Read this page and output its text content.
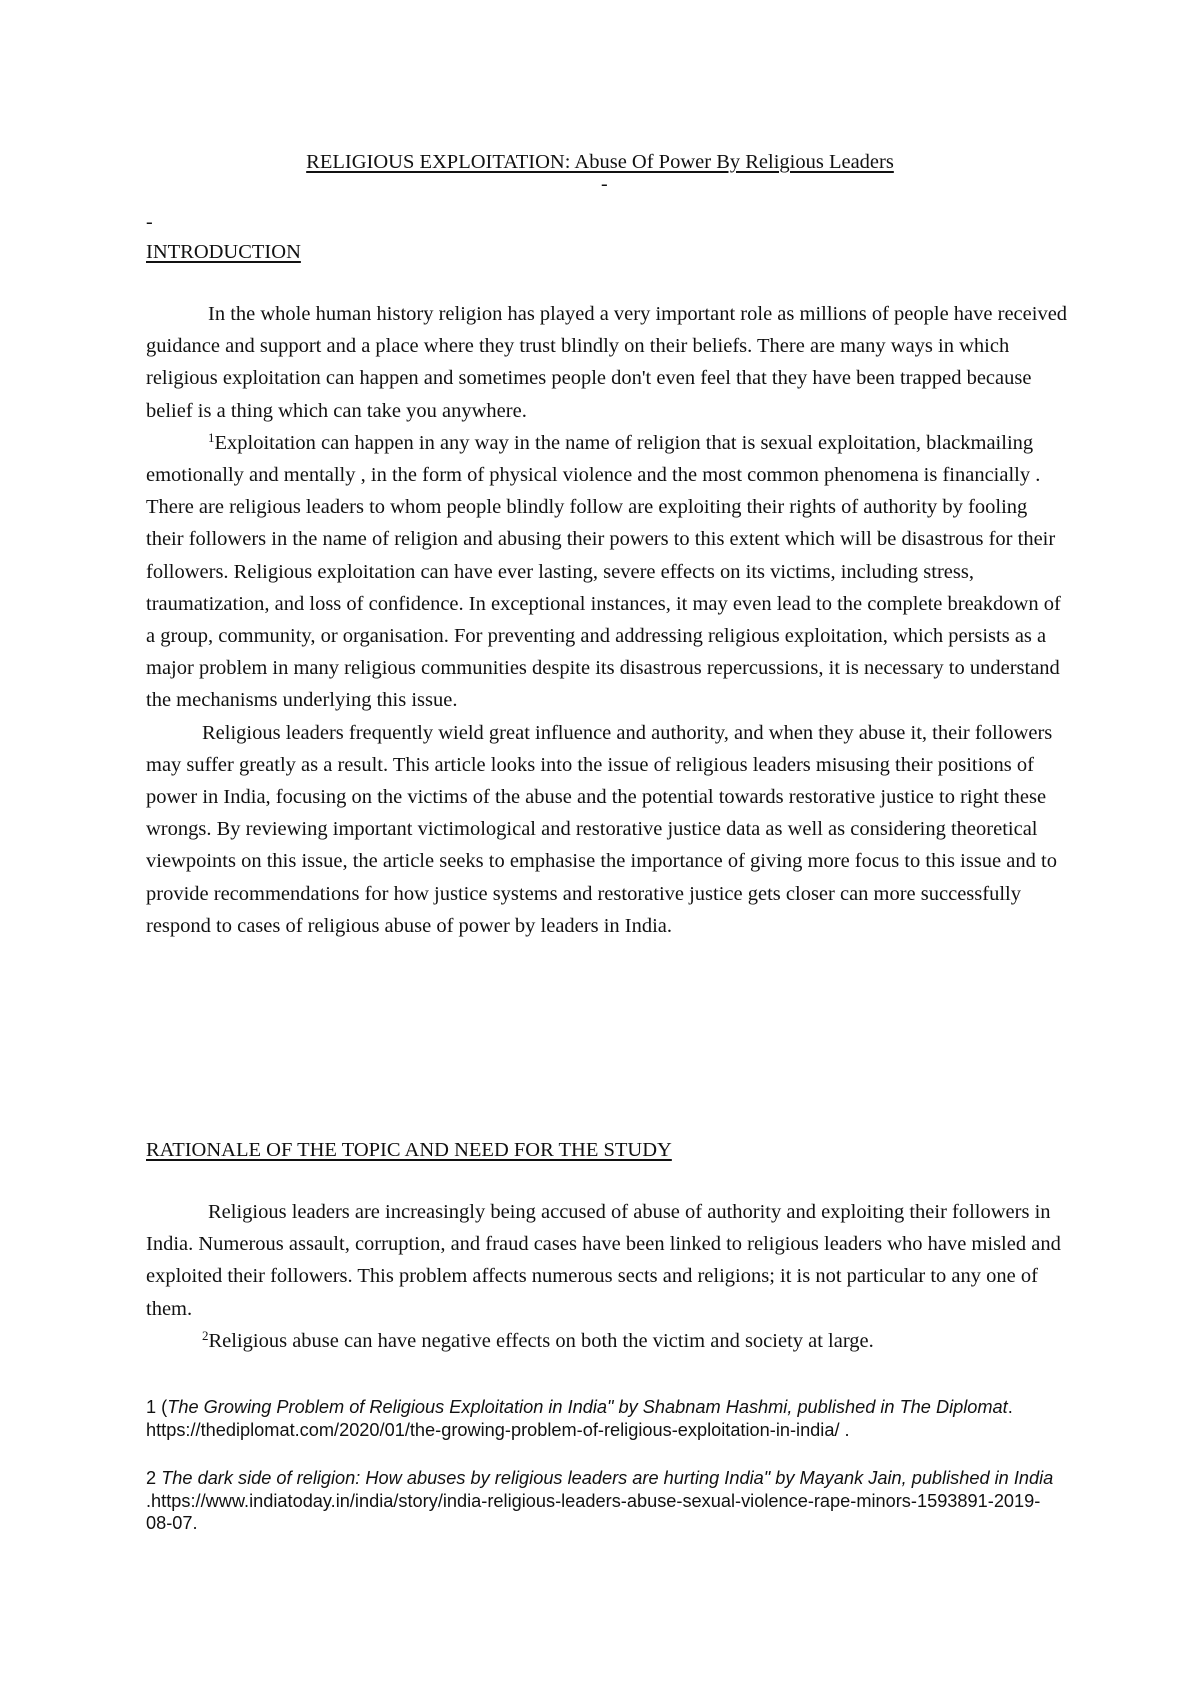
RELIGIOUS EXPLOITATION: Abuse Of Power By Religious Leaders
-
-
INTRODUCTION

In the whole human history religion has played a very important role as millions of people have received guidance and support and a place where they trust blindly on their beliefs. There are many ways in which religious exploitation can happen and sometimes people don't even feel that they have been trapped because belief is a thing which can take you anywhere.

$^1$Exploitation can happen in any way in the name of religion that is sexual exploitation, blackmailing emotionally and mentally , in the form of physical violence and the most common phenomena is financially . There are religious leaders to whom people blindly follow are exploiting their rights of authority by fooling their followers in the name of religion and abusing their powers to this extent which will be disastrous for their followers. Religious exploitation can have ever lasting, severe effects on its victims, including stress, traumatization, and loss of confidence. In exceptional instances, it may even lead to the complete breakdown of a group, community, or organisation. For preventing and addressing religious exploitation, which persists as a major problem in many religious communities despite its disastrous repercussions, it is necessary to understand the mechanisms underlying this issue.

Religious leaders frequently wield great influence and authority, and when they abuse it, their followers may suffer greatly as a result. This article looks into the issue of religious leaders misusing their positions of power in India, focusing on the victims of the abuse and the potential towards restorative justice to right these wrongs. By reviewing important victimological and restorative justice data as well as considering theoretical viewpoints on this issue, the article seeks to emphasise the importance of giving more focus to this issue and to provide recommendations for how justice systems and restorative justice gets closer can more successfully respond to cases of religious abuse of power by leaders in India.

RATIONALE OF THE TOPIC AND NEED FOR THE STUDY

Religious leaders are increasingly being accused of abuse of authority and exploiting their followers in India. Numerous assault, corruption, and fraud cases have been linked to religious leaders who have misled and exploited their followers. This problem affects numerous sects and religions; it is not particular to any one of them.

$^2$Religious abuse can have negative effects on both the victim and society at large.

1 (The Growing Problem of Religious Exploitation in India" by Shabnam Hashmi, published in The Diplomat. https://thediplomat.com/2020/01/the-growing-problem-of-religious-exploitation-in-india/ .

2 The dark side of religion: How abuses by religious leaders are hurting India" by Mayank Jain, published in India .https://www.indiatoday.in/india/story/india-religious-leaders-abuse-sexual-violence-rape-minors-1593891-2019-08-07.
